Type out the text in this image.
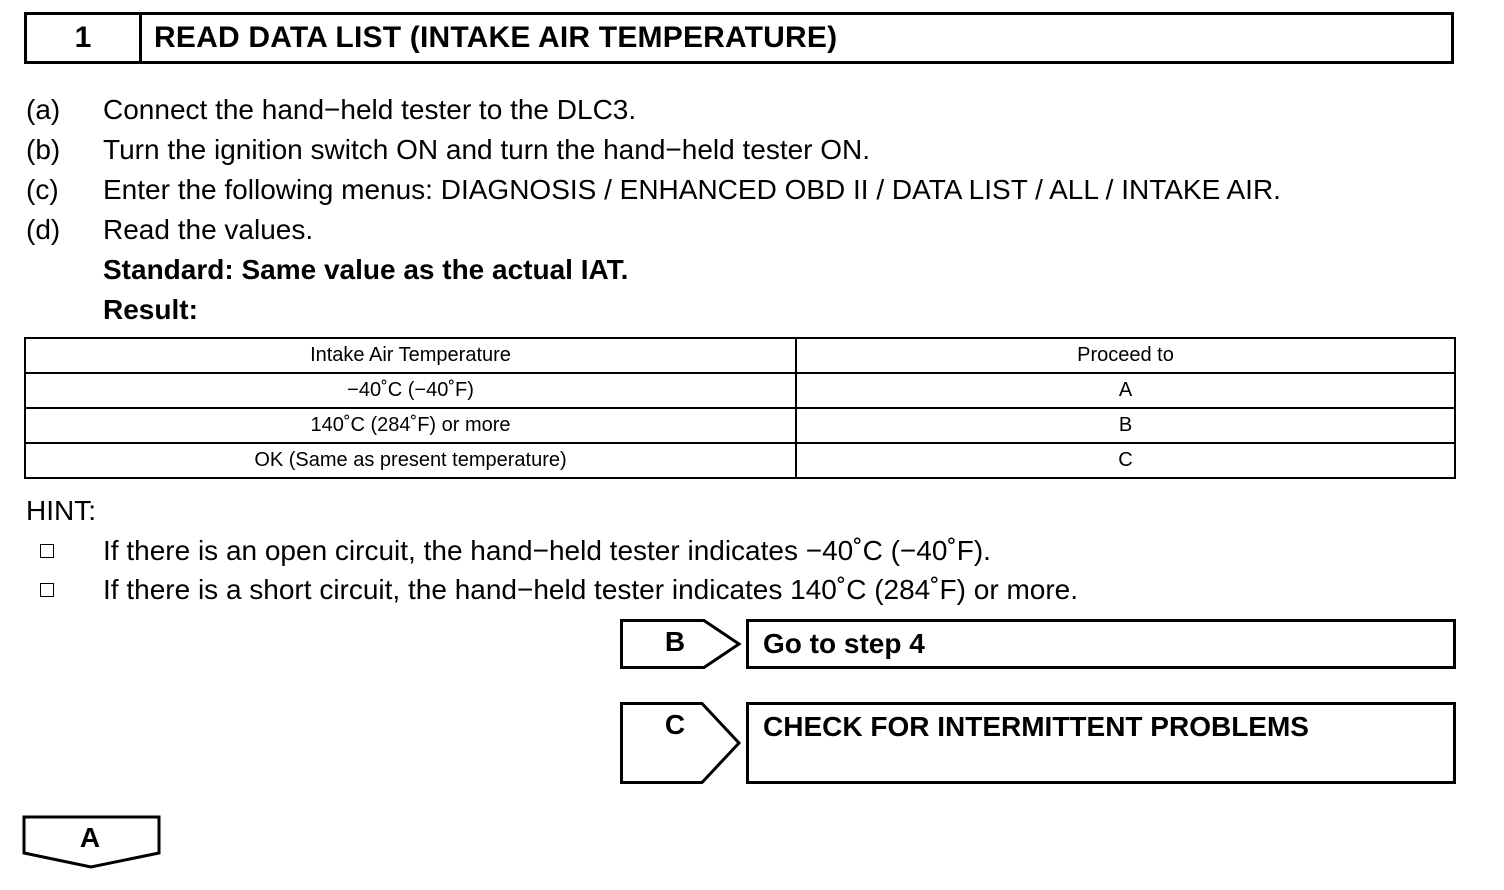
1	READ DATA LIST (INTAKE AIR TEMPERATURE)
(a) Connect the hand−held tester to the DLC3.
(b) Turn the ignition switch ON and turn the hand−held tester ON.
(c) Enter the following menus: DIAGNOSIS / ENHANCED OBD II / DATA LIST / ALL / INTAKE AIR.
(d) Read the values.
Standard: Same value as the actual IAT.
Result:
Intake Air Temperature	Proceed to
−40˚C (−40˚F)	A
140˚C (284˚F) or more	B
OK (Same as present temperature)	C
HINT:
If there is an open circuit, the hand−held tester indicates −40˚C (−40˚F).
If there is a short circuit, the hand−held tester indicates 140˚C (284˚F) or more.
B	Go to step 4
C	CHECK FOR INTERMITTENT PROBLEMS
A
